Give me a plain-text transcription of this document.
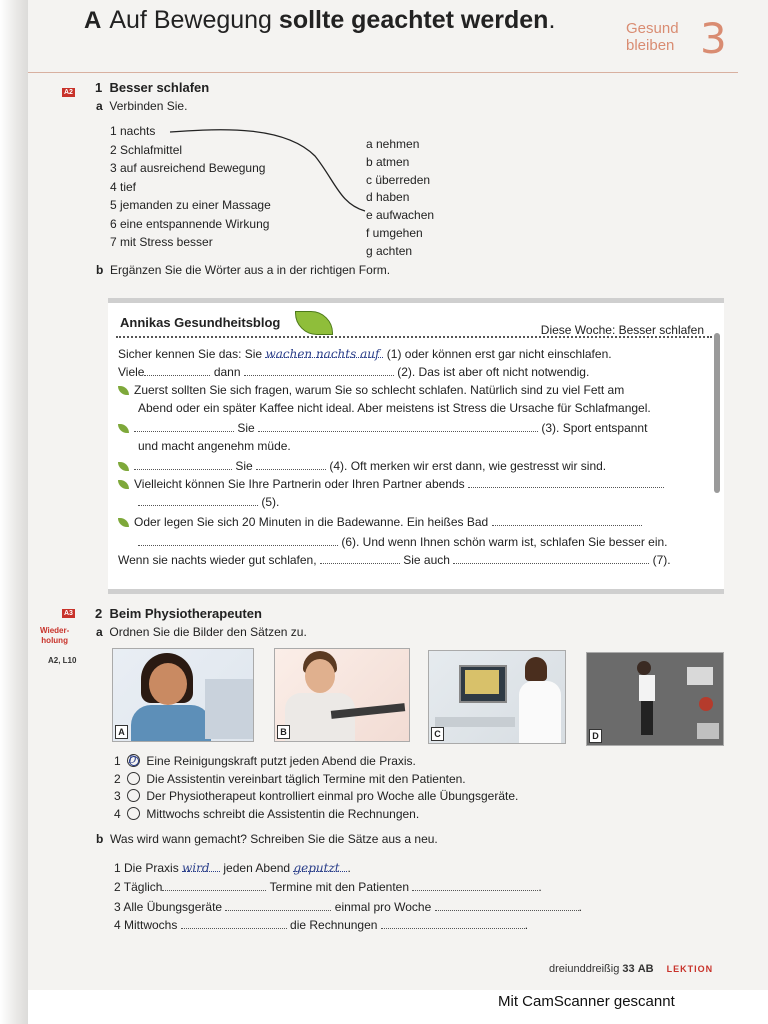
A Auf Bewegung sollte geachtet werden.	Gesund
bleiben 3
A2 1 Besser schlafen
a Verbinden Sie.
1 nachts
2 Schlafmittel
3 auf ausreichend Bewegung
4 tief
5 jemanden zu einer Massage
6 eine entspannende Wirkung
7 mit Stress besser
a nehmen
b atmen
c überreden
d haben
e aufwachen
f umgehen
g achten
b Ergänzen Sie die Wörter aus a in der richtigen Form.
Annikas Gesundheitsblog	Diese Woche: Besser schlafen
Sicher kennen Sie das: Sie wachen nachts auf (1) oder können erst gar nicht einschlafen.
Viele	dann	(2). Das ist aber oft nicht notwendig.
Zuerst sollten Sie sich fragen, warum Sie so schlecht schlafen. Natürlich sind zu viel Fett am
Abend oder ein später Kaffee nicht ideal. Aber meistens ist Stress die Ursache für Schlafmangel.
Sie	(3). Sport entspannt
und macht angenehm müde.
Sie	(4). Oft merken wir erst dann, wie gestresst wir sind.
Vielleicht können Sie Ihre Partnerin oder Ihren Partner abends
(5).
Oder legen Sie sich 20 Minuten in die Badewanne. Ein heißes Bad
(6). Und wenn Ihnen schön warm ist, schlafen Sie besser ein.
Wenn sie nachts wieder gut schlafen,	Sie auch	(7).
A3
Wieder-
holung
A2, L10
2 Beim Physiotherapeuten
a Ordnen Sie die Bilder den Sätzen zu.
A	B	C	D
1 D Eine Reinigungskraft putzt jeden Abend die Praxis.
2 Die Assistentin vereinbart täglich Termine mit den Patienten.
3 Der Physiotherapeut kontrolliert einmal pro Woche alle Übungsgeräte.
4 Mittwochs schreibt die Assistentin die Rechnungen.
b Was wird wann gemacht? Schreiben Sie die Sätze aus a neu.
1 Die Praxis wird jeden Abend geputzt .
2 Täglich	Termine mit den Patienten	.
3 Alle Übungsgeräte	einmal pro Woche	.
4 Mittwochs	die Rechnungen	.
dreiunddreißig 33 AB LEKTION
Mit CamScanner gescannt
